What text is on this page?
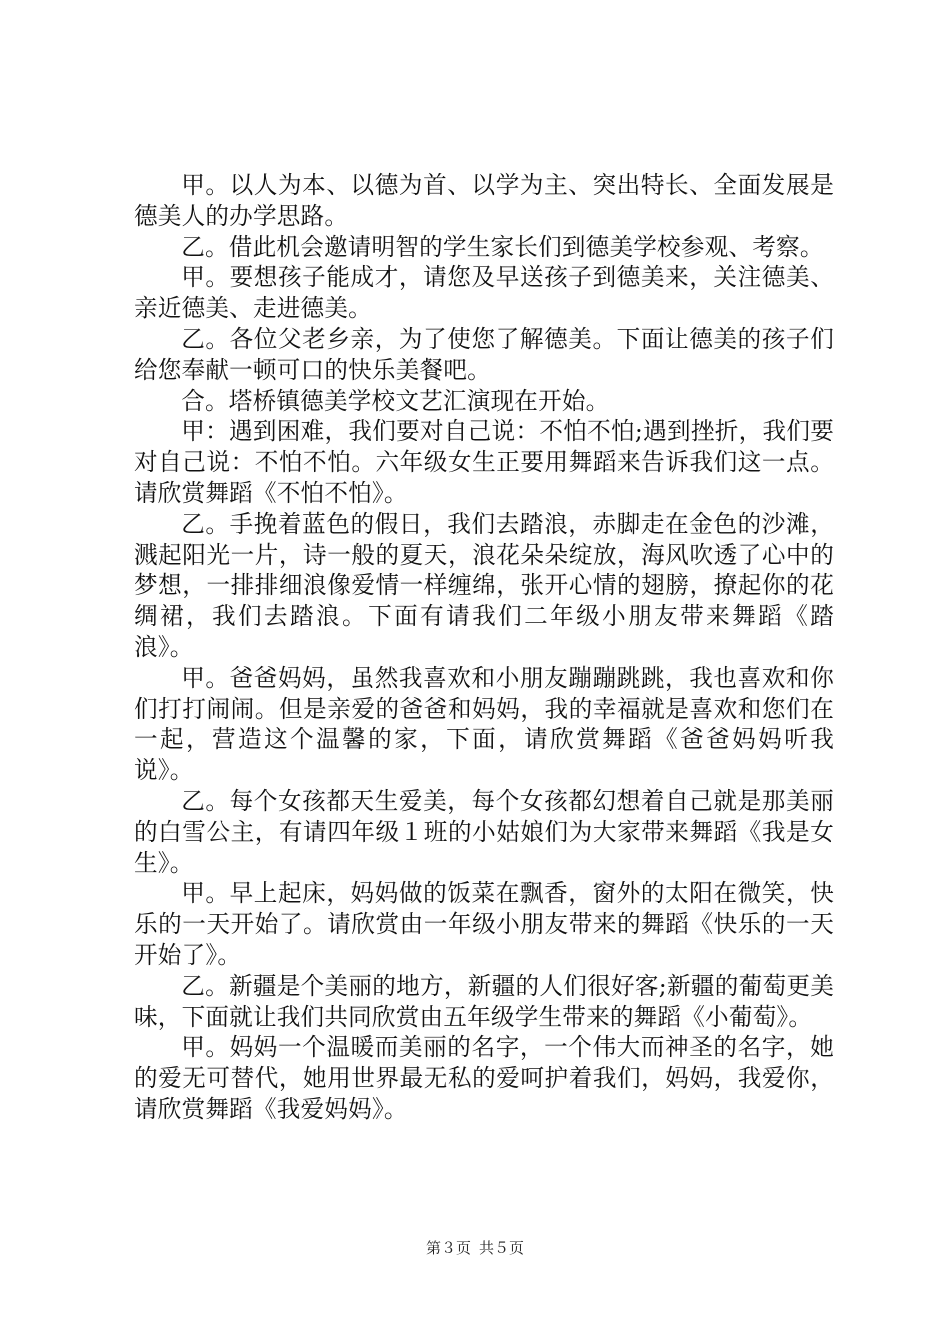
甲。以人为本、以德为首、以学为主、突出特长、全面发展是德美人的办学思路。

乙。借此机会邀请明智的学生家长们到德美学校参观、考察。

甲。要想孩子能成才，请您及早送孩子到德美来，关注德美、亲近德美、走进德美。

乙。各位父老乡亲，为了使您了解德美。下面让德美的孩子们给您奉献一顿可口的快乐美餐吧。

合。塔桥镇德美学校文艺汇演现在开始。

甲：遇到困难，我们要对自己说：不怕不怕;遇到挫折，我们要对自己说：不怕不怕。六年级女生正要用舞蹈来告诉我们这一点。请欣赏舞蹈《不怕不怕》。

乙。手挽着蓝色的假日，我们去踏浪，赤脚走在金色的沙滩，溅起阳光一片，诗一般的夏天，浪花朵朵绽放，海风吹透了心中的梦想，一排排细浪像爱情一样缠绵，张开心情的翅膀，撩起你的花绸裙，我们去踏浪。下面有请我们二年级小朋友带来舞蹈《踏浪》。

甲。爸爸妈妈，虽然我喜欢和小朋友蹦蹦跳跳，我也喜欢和你们打打闹闹。但是亲爱的爸爸和妈妈，我的幸福就是喜欢和您们在一起，营造这个温馨的家，下面，请欣赏舞蹈《爸爸妈妈听我说》。

乙。每个女孩都天生爱美，每个女孩都幻想着自己就是那美丽的白雪公主，有请四年级１班的小姑娘们为大家带来舞蹈《我是女生》。

甲。早上起床，妈妈做的饭菜在飘香，窗外的太阳在微笑，快乐的一天开始了。请欣赏由一年级小朋友带来的舞蹈《快乐的一天开始了》。

乙。新疆是个美丽的地方，新疆的人们很好客;新疆的葡萄更美味，下面就让我们共同欣赏由五年级学生带来的舞蹈《小葡萄》。

甲。妈妈一个温暖而美丽的名字，一个伟大而神圣的名字，她的爱无可替代，她用世界最无私的爱呵护着我们，妈妈，我爱你，请欣赏舞蹈《我爱妈妈》。

第３页 共５页
